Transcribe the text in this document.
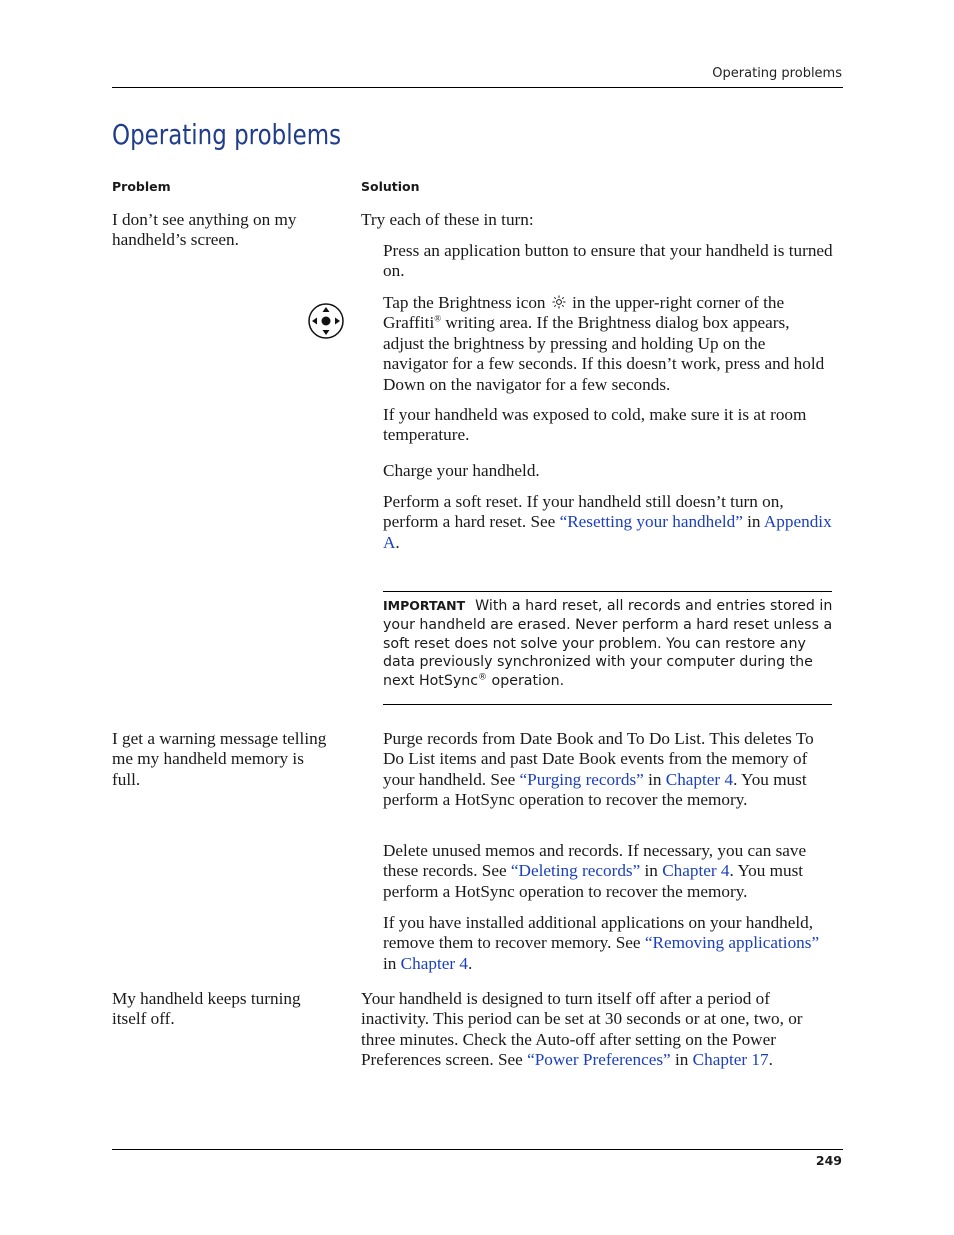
Operating problems
Operating problems
Problem	Solution
I don’t see anything on my handheld’s screen.
Try each of these in turn:
Press an application button to ensure that your handheld is turned on.
Tap the Brightness icon in the upper-right corner of the Graffiti® writing area. If the Brightness dialog box appears, adjust the brightness by pressing and holding Up on the navigator for a few seconds. If this doesn’t work, press and hold Down on the navigator for a few seconds.
If your handheld was exposed to cold, make sure it is at room temperature.
Charge your handheld.
Perform a soft reset. If your handheld still doesn’t turn on, perform a hard reset. See “Resetting your handheld” in Appendix A.
IMPORTANT With a hard reset, all records and entries stored in your handheld are erased. Never perform a hard reset unless a soft reset does not solve your problem. You can restore any data previously synchronized with your computer during the next HotSync® operation.
I get a warning message telling me my handheld memory is full.
Purge records from Date Book and To Do List. This deletes To Do List items and past Date Book events from the memory of your handheld. See “Purging records” in Chapter 4. You must perform a HotSync operation to recover the memory.
Delete unused memos and records. If necessary, you can save these records. See “Deleting records” in Chapter 4. You must perform a HotSync operation to recover the memory.
If you have installed additional applications on your handheld, remove them to recover memory. See “Removing applications” in Chapter 4.
My handheld keeps turning itself off.
Your handheld is designed to turn itself off after a period of inactivity. This period can be set at 30 seconds or at one, two, or three minutes. Check the Auto-off after setting on the Power Preferences screen. See “Power Preferences” in Chapter 17.
249
